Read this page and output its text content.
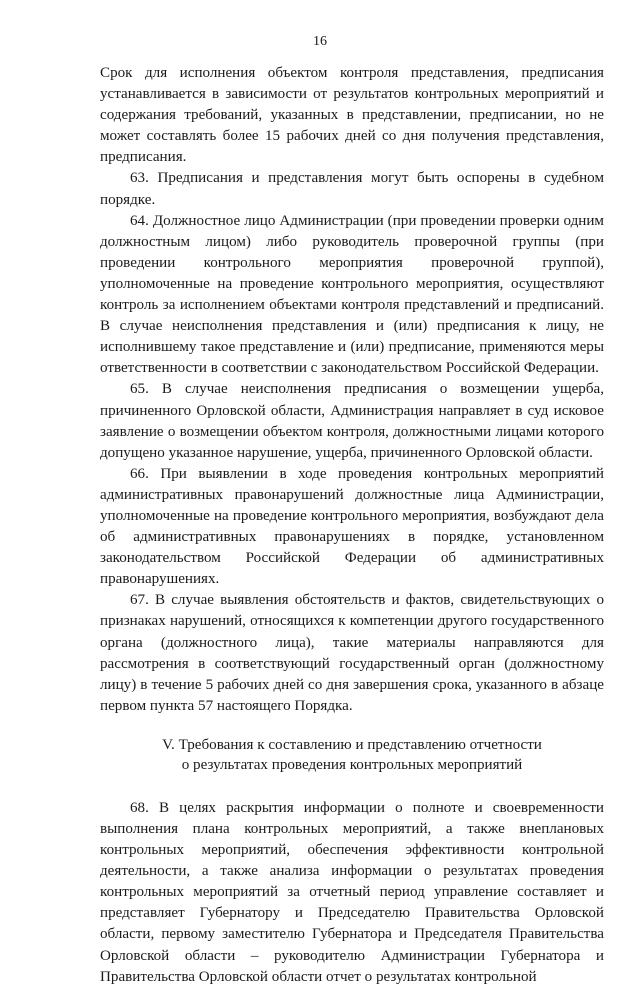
16

Срок для исполнения объектом контроля представления, предписания устанавливается в зависимости от результатов контрольных мероприятий и содержания требований, указанных в представлении, предписании, но не может составлять более 15 рабочих дней со дня получения представления, предписания.

63. Предписания и представления могут быть оспорены в судебном порядке.

64. Должностное лицо Администрации (при проведении проверки одним должностным лицом) либо руководитель проверочной группы (при проведении контрольного мероприятия проверочной группой), уполномоченные на проведение контрольного мероприятия, осуществляют контроль за исполнением объектами контроля представлений и предписаний. В случае неисполнения представления и (или) предписания к лицу, не исполнившему такое представление и (или) предписание, применяются меры ответственности в соответствии с законодательством Российской Федерации.

65. В случае неисполнения предписания о возмещении ущерба, причиненного Орловской области, Администрация направляет в суд исковое заявление о возмещении объектом контроля, должностными лицами которого допущено указанное нарушение, ущерба, причиненного Орловской области.

66. При выявлении в ходе проведения контрольных мероприятий административных правонарушений должностные лица Администрации, уполномоченные на проведение контрольного мероприятия, возбуждают дела об административных правонарушениях в порядке, установленном законодательством Российской Федерации об административных правонарушениях.

67. В случае выявления обстоятельств и фактов, свидетельствующих о признаках нарушений, относящихся к компетенции другого государственного органа (должностного лица), такие материалы направляются для рассмотрения в соответствующий государственный орган (должностному лицу) в течение 5 рабочих дней со дня завершения срока, указанного в абзаце первом пункта 57 настоящего Порядка.

V. Требования к составлению и представлению отчетности
о результатах проведения контрольных мероприятий

68. В целях раскрытия информации о полноте и своевременности выполнения плана контрольных мероприятий, а также внеплановых контрольных мероприятий, обеспечения эффективности контрольной деятельности, а также анализа информации о результатах проведения контрольных мероприятий за отчетный период управление составляет и представляет Губернатору и Председателю Правительства Орловской области, первому заместителю Губернатора и Председателя Правительства Орловской области – руководителю Администрации Губернатора и Правительства Орловской области отчет о результатах контрольной
